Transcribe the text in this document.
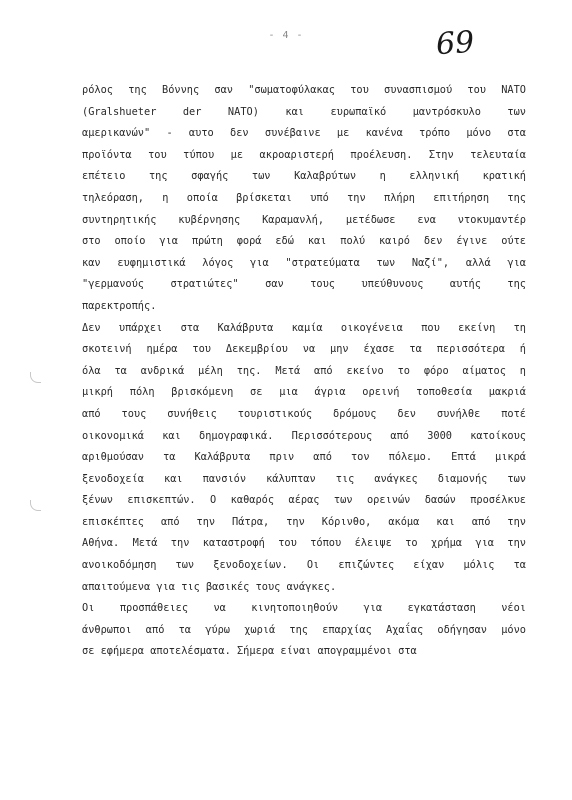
- 4 -	69
ρόλος της Βόννης σαν "σωματοφύλακας του συνασπισμού του ΝΑΤΟ
(Gralshueter der NATO) και ευρωπαϊκό μαντρόσκυλο των
αμερικανών" - αυτο δεν συνέβαινε με κανένα τρόπο μόνο στα
προϊόντα του τύπου με ακροαριστερή προέλευση. Στην τελευταία
επέτειο της σφαγής των Καλαβρύτων η ελληνική κρατική
τηλεόραση, η οποία βρίσκεται υπό την πλήρη επιτήρηση της
συντηρητικής κυβέρνησης Καραμανλή, μετέδωσε ενα ντοκυμαντέρ
στο οποίο για πρώτη φορά εδώ και πολύ καιρό δεν έγινε ούτε
καν ευφημιστικά λόγος για "στρατεύματα των Ναζί", αλλά για
"γερμανούς στρατιώτες" σαν τους υπεύθυνους αυτής της
παρεκτροπής.
Δεν υπάρχει στα Καλάβρυτα καμία οικογένεια που εκείνη τη
σκοτεινή ημέρα του Δεκεμβρίου να μην έχασε τα περισσότερα ή
όλα τα ανδρικά μέλη της. Μετά από εκείνο το φόρο αίματος η
μικρή πόλη βρισκόμενη σε μια άγρια ορεινή τοποθεσία μακριά
από τους συνήθεις τουριστικούς δρόμους δεν συνήλθε ποτέ
οικονομικά και δημογραφικά. Περισσότερους από 3000 κατοίκους
αριθμούσαν τα Καλάβρυτα πριν από τον πόλεμο. Επτά μικρά
ξενοδοχεία και πανσιόν κάλυπταν τις ανάγκες διαμονής των
ξένων επισκεπτών. Ο καθαρός αέρας των ορεινών δασών προσέλκυε
επισκέπτες από την Πάτρα, την Κόρινθο, ακόμα και από την
Αθήνα. Μετά την καταστροφή του τόπου έλειψε το χρήμα για την
ανοικοδόμηση των ξενοδοχείων. Οι επιζώντες είχαν μόλις τα
απαιτούμενα για τις βασικές τους ανάγκες.
Οι προσπάθειες να κινητοποιηθούν για εγκατάσταση νέοι
άνθρωποι από τα γύρω χωριά της επαρχίας Αχαΐας οδήγησαν μόνο
σε εφήμερα αποτελέσματα. Σήμερα είναι απογραμμένοι στα
